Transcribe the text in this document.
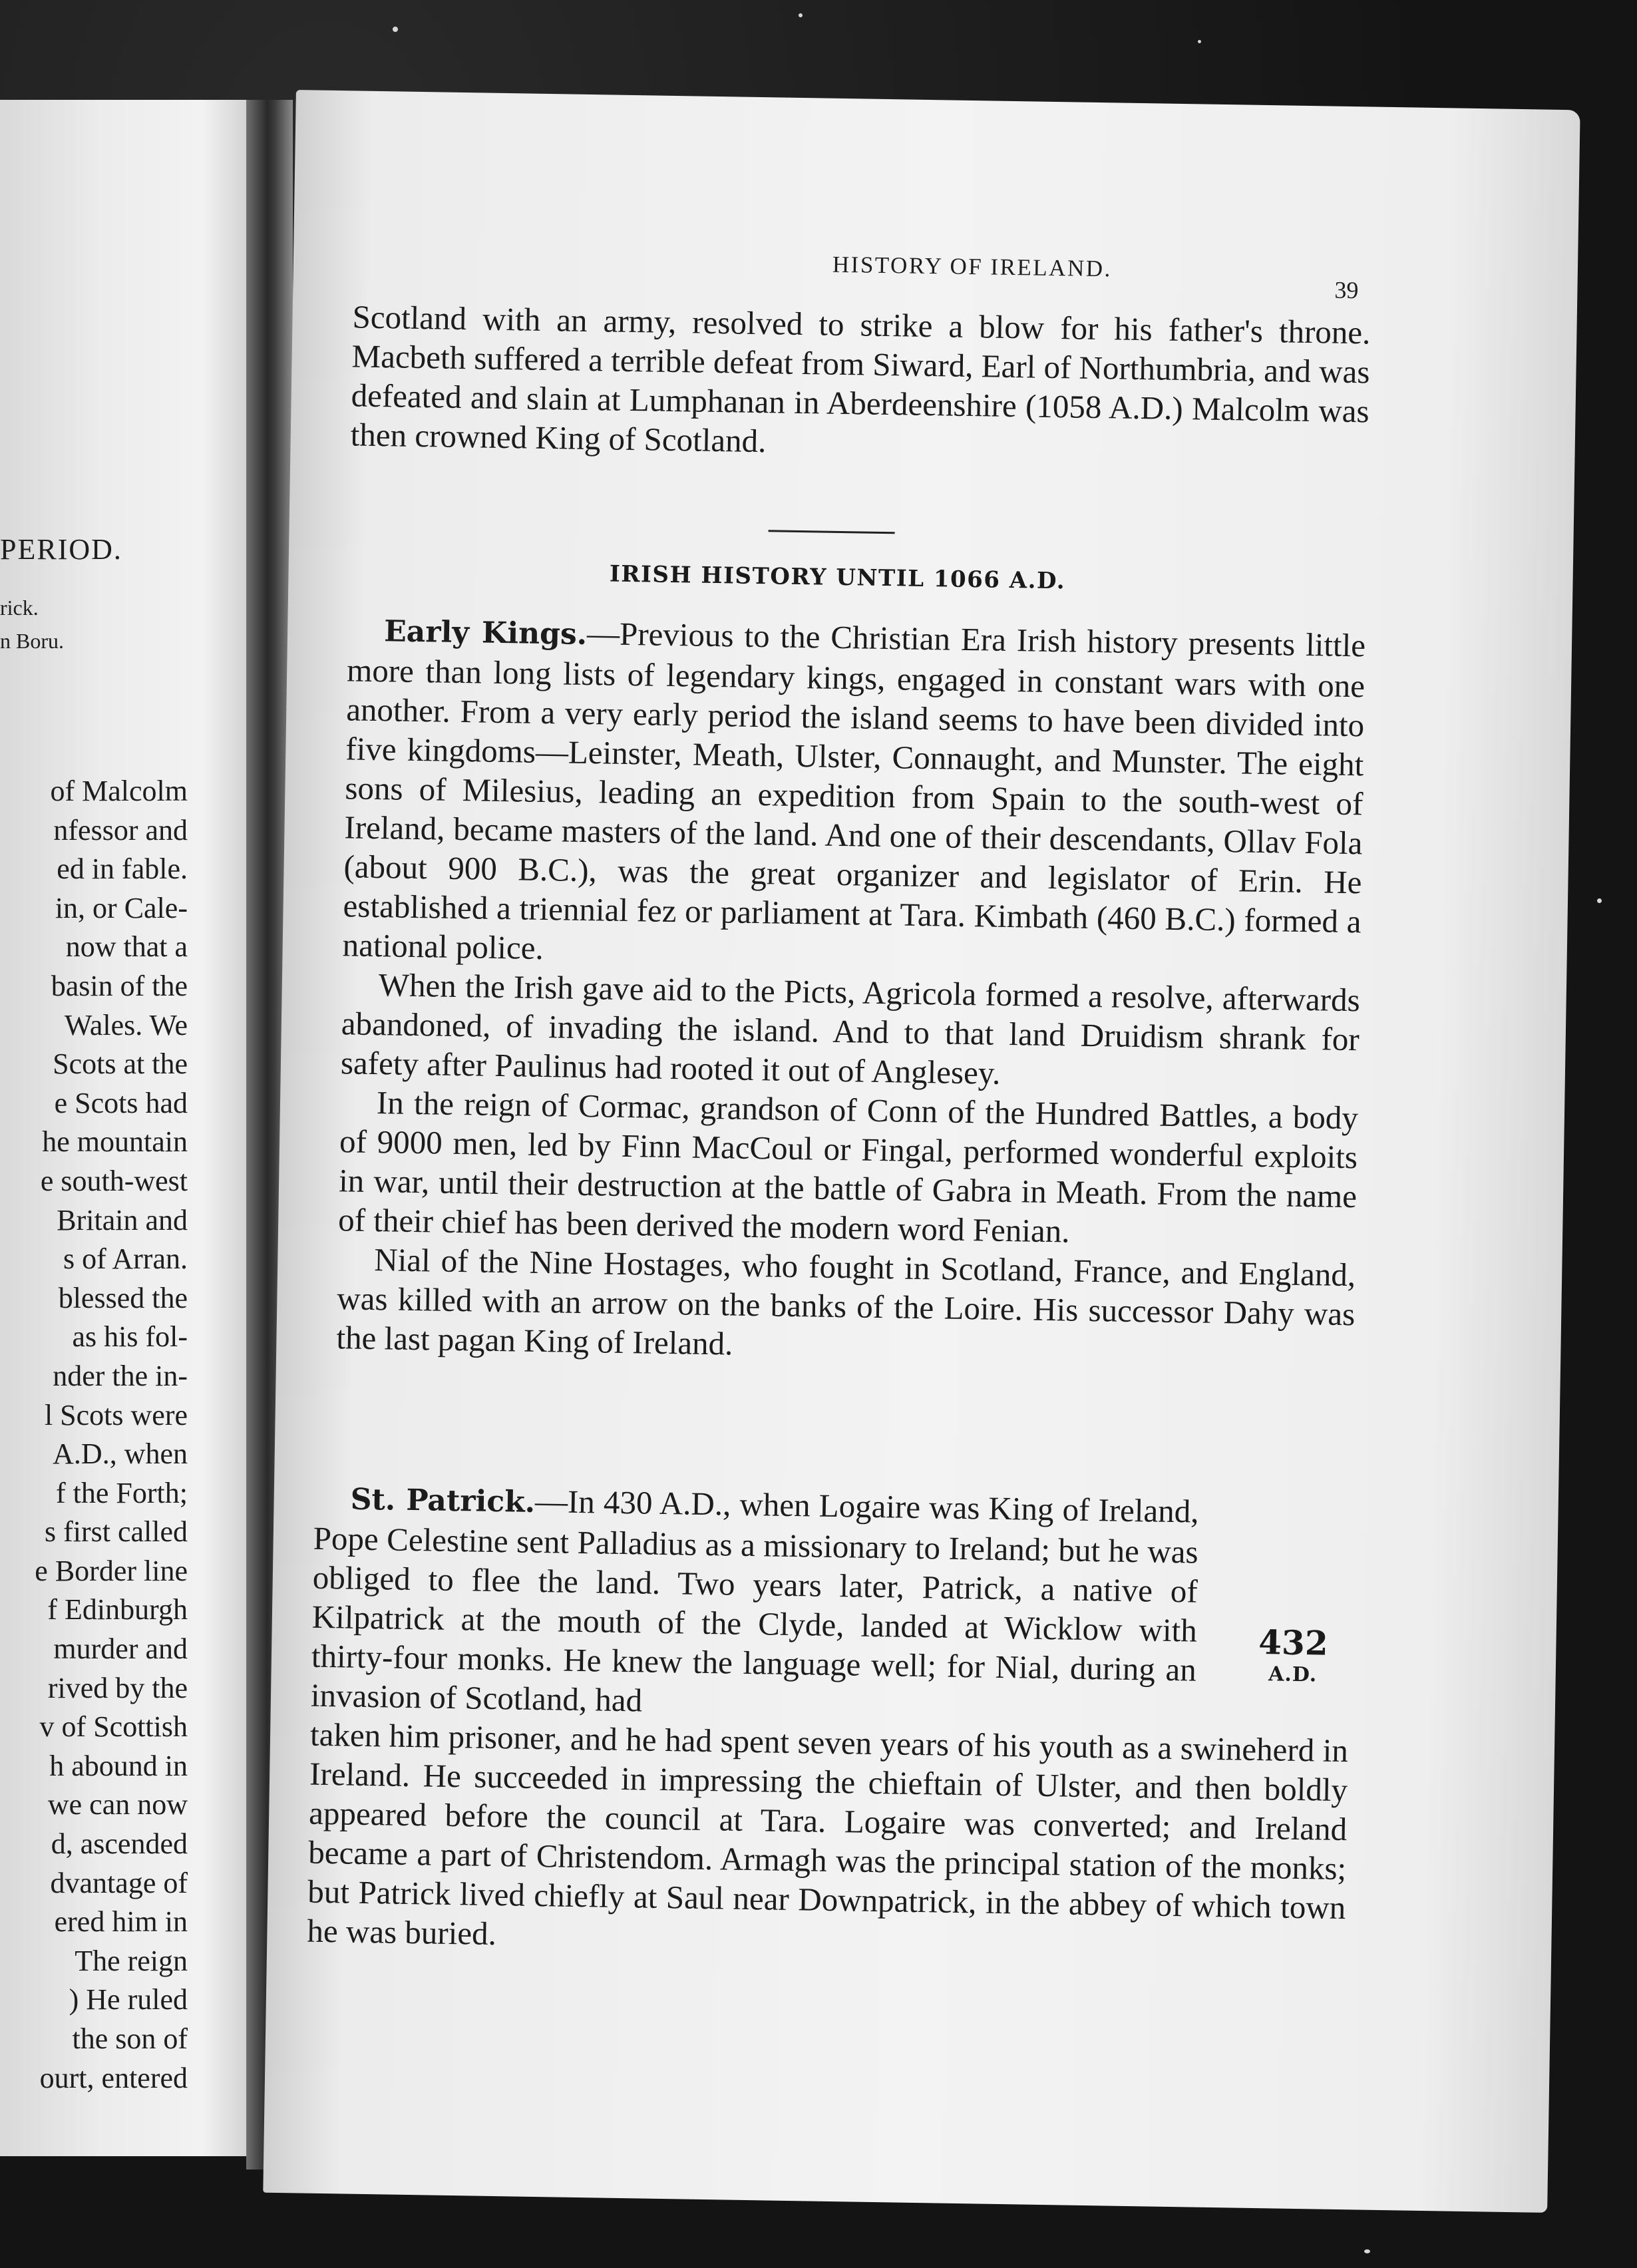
PERIOD.
rick.
n Boru.
of Malcolm
nfessor and
ed in fable.
in, or Cale-
now that a
basin of the
Wales. We
Scots at the
e Scots had
he mountain
e south-west
Britain and
s of Arran.
blessed the
as his fol-
nder the in-
l Scots were
A.D., when
f the Forth;
s first called
e Border line
f Edinburgh
murder and
rived by the
v of Scottish
h abound in
we can now
d, ascended
dvantage of
ered him in
The reign
) He ruled
the son of
ourt, entered
HISTORY OF IRELAND.
39

Scotland with an army, resolved to strike a blow for his father's throne. Macbeth suffered a terrible defeat from Siward, Earl of Northumbria, and was defeated and slain at Lumphanan in Aberdeenshire (1058 A.D.) Malcolm was then crowned King of Scotland.

IRISH HISTORY UNTIL 1066 A.D.

Early Kings.—Previous to the Christian Era Irish history presents little more than long lists of legendary kings, engaged in constant wars with one another. From a very early period the island seems to have been divided into five kingdoms—Leinster, Meath, Ulster, Connaught, and Munster. The eight sons of Milesius, leading an expedition from Spain to the south-west of Ireland, became masters of the land. And one of their descendants, Ollav Fola (about 900 B.C.), was the great organizer and legislator of Erin. He established a triennial fez or parliament at Tara. Kimbath (460 B.C.) formed a national police.

When the Irish gave aid to the Picts, Agricola formed a resolve, afterwards abandoned, of invading the island. And to that land Druidism shrank for safety after Paulinus had rooted it out of Anglesey.

In the reign of Cormac, grandson of Conn of the Hundred Battles, a body of 9000 men, led by Finn MacCoul or Fingal, performed wonderful exploits in war, until their destruction at the battle of Gabra in Meath. From the name of their chief has been derived the modern word Fenian.

Nial of the Nine Hostages, who fought in Scotland, France, and England, was killed with an arrow on the banks of the Loire. His successor Dahy was the last pagan King of Ireland.

St. Patrick.—In 430 A.D., when Logaire was King of Ireland, Pope Celestine sent Palladius as a missionary to Ireland; but he was obliged to flee the land. Two years later, Patrick, a native of Kilpatrick at the mouth of the Clyde, landed at Wicklow with thirty-four monks. He knew the language well; for Nial, during an invasion of Scotland, had
taken him prisoner, and he had spent seven years of his youth as a swineherd in Ireland. He succeeded in impressing the chieftain of Ulster, and then boldly appeared before the council at Tara. Logaire was converted; and Ireland became a part of Christendom. Armagh was the principal station of the monks; but Patrick lived chiefly at Saul near Downpatrick, in the abbey of which town he was buried.
432
A.D.
